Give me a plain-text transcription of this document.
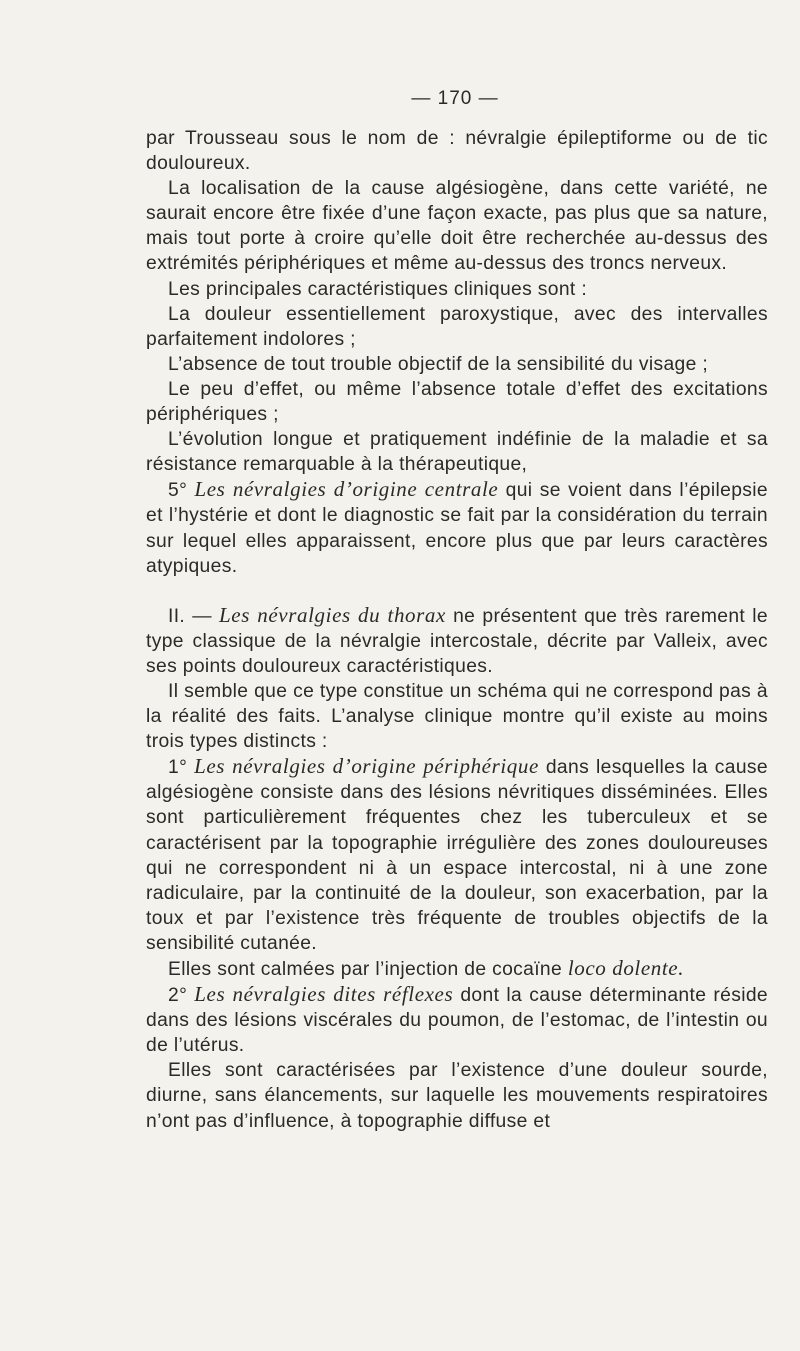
— 170 —

par Trousseau sous le nom de : névralgie épileptiforme ou de tic douloureux.

La localisation de la cause algésiogène, dans cette variété, ne saurait encore être fixée d’une façon exacte, pas plus que sa nature, mais tout porte à croire qu’elle doit être recherchée au-dessus des extrémités périphériques et même au-dessus des troncs nerveux.

Les principales caractéristiques cliniques sont :

La douleur essentiellement paroxystique, avec des intervalles parfaitement indolores ;

L’absence de tout trouble objectif de la sensibilité du visage ;

Le peu d’effet, ou même l’absence totale d’effet des excitations périphériques ;

L’évolution longue et pratiquement indéfinie de la maladie et sa résistance remarquable à la thérapeutique,

5° Les névralgies d’origine centrale qui se voient dans l’épilepsie et l’hystérie et dont le diagnostic se fait par la considération du terrain sur lequel elles apparaissent, encore plus que par leurs caractères atypiques.

II. — Les névralgies du thorax ne présentent que très rarement le type classique de la névralgie intercostale, décrite par Valleix, avec ses points douloureux caractéristiques.

Il semble que ce type constitue un schéma qui ne correspond pas à la réalité des faits. L’analyse clinique montre qu’il existe au moins trois types distincts :

1° Les névralgies d’origine périphérique dans lesquelles la cause algésiogène consiste dans des lésions névritiques disséminées. Elles sont particulièrement fréquentes chez les tuberculeux et se caractérisent par la topographie irrégulière des zones douloureuses qui ne correspondent ni à un espace intercostal, ni à une zone radiculaire, par la continuité de la douleur, son exacerbation, par la toux et par l’existence très fréquente de troubles objectifs de la sensibilité cutanée.

Elles sont calmées par l’injection de cocaïne loco dolente.

2° Les névralgies dites réflexes dont la cause déterminante réside dans des lésions viscérales du poumon, de l’estomac, de l’intestin ou de l’utérus.

Elles sont caractérisées par l’existence d’une douleur sourde, diurne, sans élancements, sur laquelle les mouvements respiratoires n’ont pas d’influence, à topographie diffuse et
